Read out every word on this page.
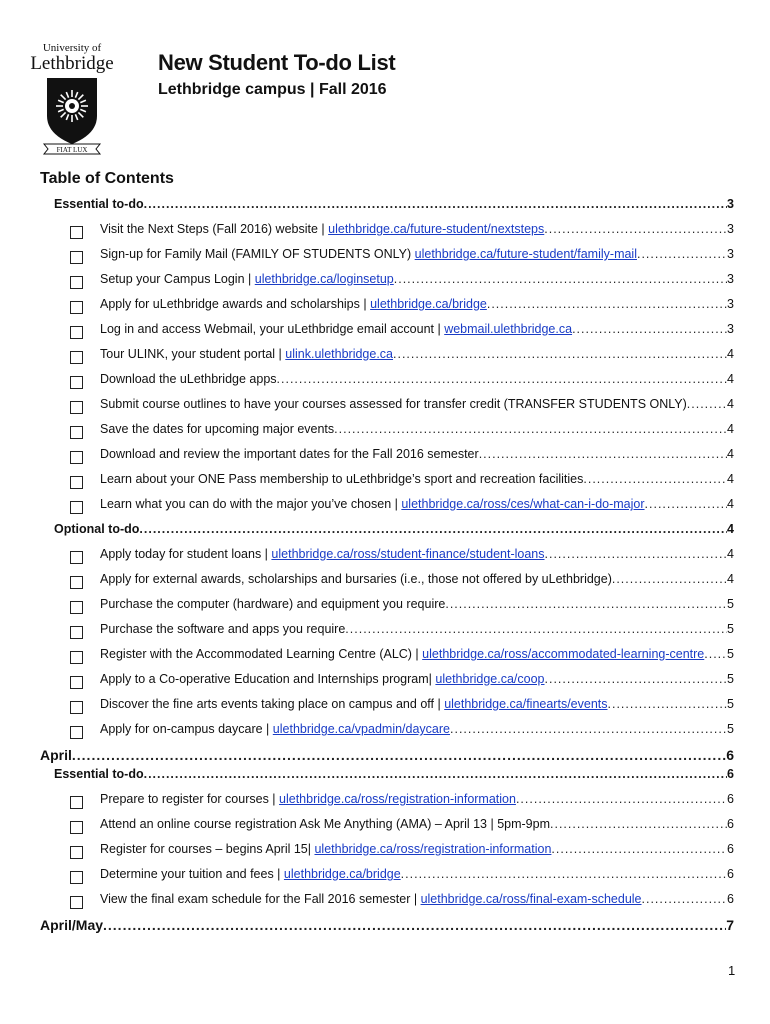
University of
Lethbridge
FIAT LUX
New Student To-do List
Lethbridge campus | Fall 2016
Table of Contents
Essential to-do .....	3
Visit the Next Steps (Fall 2016) website |
ulethbridge.ca/future-student/nextsteps .....	3
Sign-up for Family Mail (FAMILY OF STUDENTS ONLY)
ulethbridge.ca/future-student/family-mail .....	3
Setup your Campus Login |
ulethbridge.ca/loginsetup .....	3
Apply for uLethbridge awards and scholarships |
ulethbridge.ca/bridge .....	3
Log in and access Webmail, your uLethbridge email account |
webmail.ulethbridge.ca .....	3
Tour ULINK, your student portal |
ulink.ulethbridge.ca .....	4
Download the uLethbridge apps .....	4
Submit course outlines to have your courses assessed for transfer credit (TRANSFER STUDENTS ONLY) .....	4
Save the dates for upcoming major events .....	4
Download and review the important dates for the Fall 2016 semester .....	4
Learn about your ONE Pass membership to uLethbridge’s sport and recreation facilities .....	4
Learn what you can do with the major you’ve chosen |
ulethbridge.ca/ross/ces/what-can-i-do-major .....	4
Optional to-do .....	4
Apply today for student loans |
ulethbridge.ca/ross/student-finance/student-loans .....	4
Apply for external awards, scholarships and bursaries (i.e., those not offered by uLethbridge) .....	4
Purchase the computer (hardware) and equipment you require .....	5
Purchase the software and apps you require .....	5
Register with the Accommodated Learning Centre (ALC) |
ulethbridge.ca/ross/accommodated-learning-centre ..... 5
Apply to a Co-operative Education and Internships program|
ulethbridge.ca/coop .....	5
Discover the fine arts events taking place on campus and off |
ulethbridge.ca/finearts/events .....	5
Apply for on-campus daycare |
ulethbridge.ca/vpadmin/daycare .....	5
April .....	6
Essential to-do .....	6
Prepare to register for courses |
ulethbridge.ca/ross/registration-information .....	6
Attend an online course registration Ask Me Anything (AMA) – April 13 | 5pm-9pm .....	6
Register for courses – begins April 15|
ulethbridge.ca/ross/registration-information .....	6
Determine your tuition and fees |
ulethbridge.ca/bridge .....	6
View the final exam schedule for the Fall 2016 semester |
ulethbridge.ca/ross/final-exam-schedule .....	6
April/May .....	7
1
